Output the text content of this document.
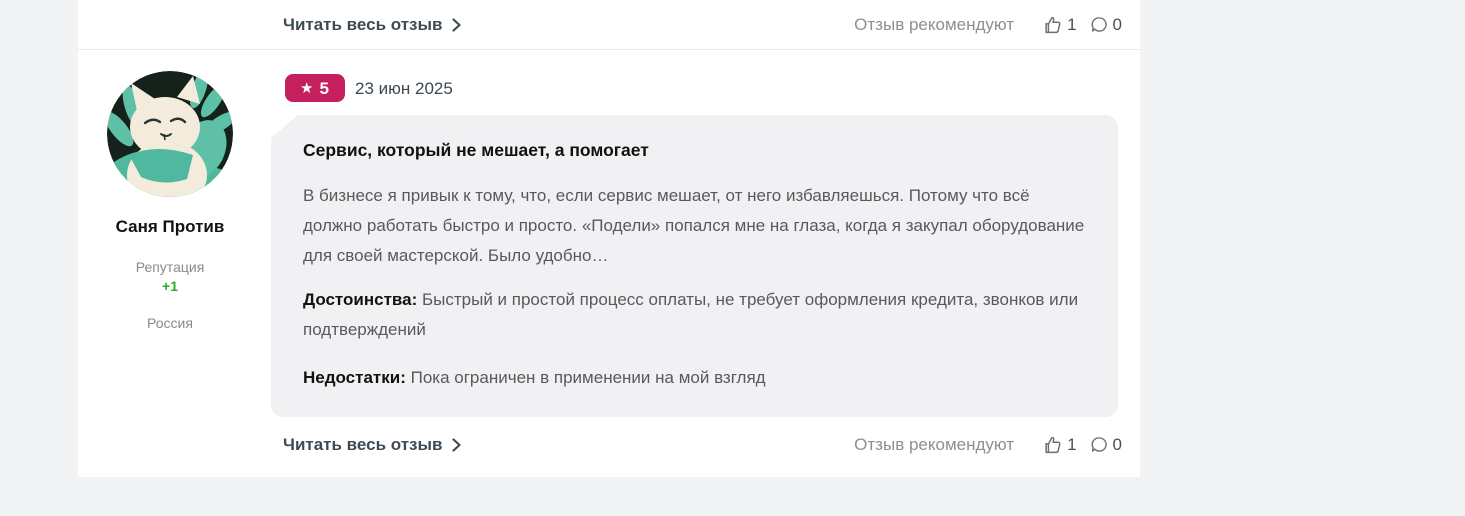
Читать весь отзыв	Отзыв рекомендуют	1 0
Саня Против
Репутация
+1
Россия
★ 5 23 июн 2025
Сервис, который не мешает, а помогает

В бизнесе я привык к тому, что, если сервис мешает, от него избавляешься. Потому что всё должно работать быстро и просто. «Подели» попался мне на глаза, когда я закупал оборудование для своей мастерской. Было удобно…

Достоинства: Быстрый и простой процесс оплаты, не требует оформления кредита, звонков или подтверждений

Недостатки: Пока ограничен в применении на мой взгляд

Читать весь отзыв	Отзыв рекомендуют	1 0
